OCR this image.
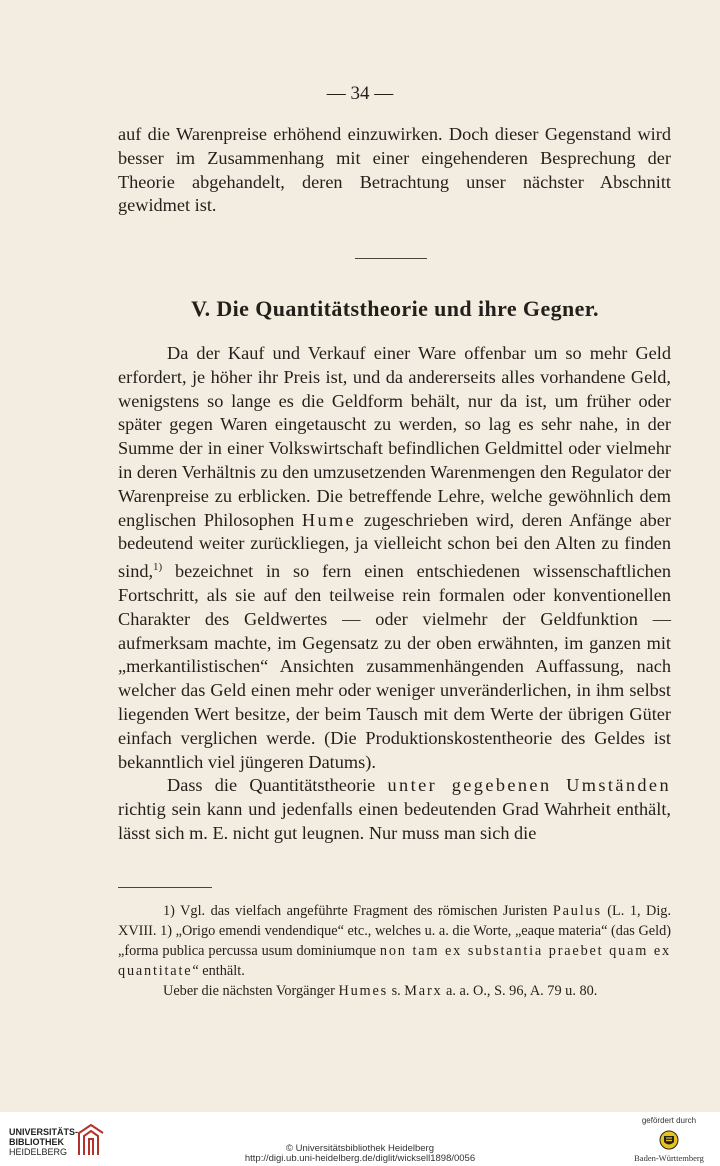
— 34 —

auf die Warenpreise erhöhend einzuwirken. Doch dieser Gegenstand wird besser im Zusammenhang mit einer eingehenderen Besprechung der Theorie abgehandelt, deren Betrachtung unser nächster Abschnitt gewidmet ist.

V. Die Quantitätstheorie und ihre Gegner.

Da der Kauf und Verkauf einer Ware offenbar um so mehr Geld erfordert, je höher ihr Preis ist, und da andererseits alles vorhandene Geld, wenigstens so lange es die Geldform behält, nur da ist, um früher oder später gegen Waren eingetauscht zu werden, so lag es sehr nahe, in der Summe der in einer Volkswirtschaft befindlichen Geldmittel oder vielmehr in deren Verhältnis zu den umzusetzenden Warenmengen den Regulator der Warenpreise zu erblicken. Die betreffende Lehre, welche gewöhnlich dem englischen Philosophen Hume zugeschrieben wird, deren Anfänge aber bedeutend weiter zurückliegen, ja vielleicht schon bei den Alten zu finden sind,$^{1)}$ bezeichnet in so fern einen entschiedenen wissenschaftlichen Fortschritt, als sie auf den teilweise rein formalen oder konventionellen Charakter des Geldwertes — oder vielmehr der Geldfunktion — aufmerksam machte, im Gegensatz zu der oben erwähnten, im ganzen mit „merkantilistischen“ Ansichten zusammenhängenden Auffassung, nach welcher das Geld einen mehr oder weniger unveränderlichen, in ihm selbst liegenden Wert besitze, der beim Tausch mit dem Werte der übrigen Güter einfach verglichen werde. (Die Produktionskostentheorie des Geldes ist bekanntlich viel jüngeren Datums).

Dass die Quantitätstheorie unter gegebenen Umständen richtig sein kann und jedenfalls einen bedeutenden Grad Wahrheit enthält, lässt sich m. E. nicht gut leugnen. Nur muss man sich die

1) Vgl. das vielfach angeführte Fragment des römischen Juristen Paulus (L. 1, Dig. XVIII. 1) „Origo emendi vendendique“ etc., welches u. a. die Worte, „eaque materia“ (das Geld) „forma publica percussa usum dominiumque non tam ex substantia praebet quam ex quantitate“ enthält.

Ueber die nächsten Vorgänger Humes s. Marx a. a. O., S. 96, A. 79 u. 80.

UNIVERSITÄTS-
BIBLIOTHEK
HEIDELBERG	© Universitätsbibliothek Heidelberg
http://digi.ub.uni-heidelberg.de/diglit/wicksell1898/0056
gefördert durch
Baden-Württemberg
